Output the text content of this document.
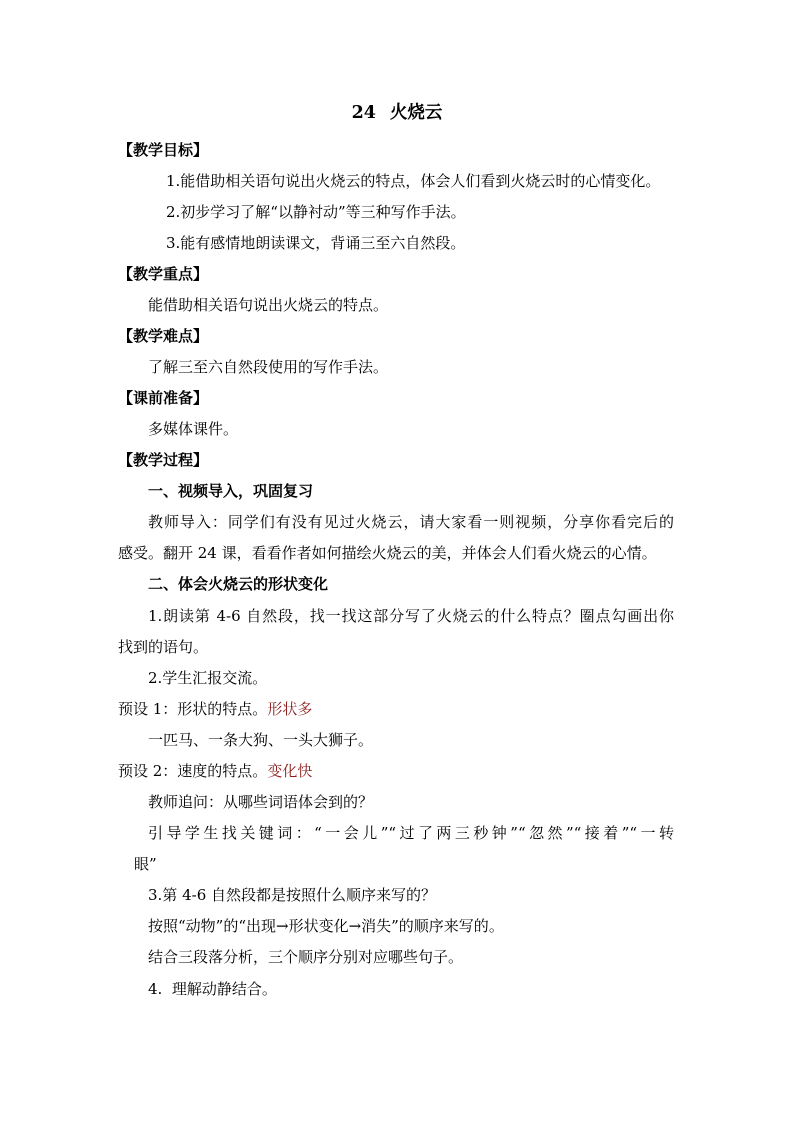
24 火烧云
【教学目标】
1.能借助相关语句说出火烧云的特点，体会人们看到火烧云时的心情变化。
2.初步学习了解“以静衬动”等三种写作手法。
3.能有感情地朗读课文，背诵三至六自然段。
【教学重点】
能借助相关语句说出火烧云的特点。
【教学难点】
了解三至六自然段使用的写作手法。
【课前准备】
多媒体课件。
【教学过程】
一、视频导入，巩固复习
教师导入：同学们有没有见过火烧云，请大家看一则视频，分享你看完后的
感受。翻开 24 课，看看作者如何描绘火烧云的美，并体会人们看火烧云的心情。
二、体会火烧云的形状变化
1.朗读第 4-6 自然段，找一找这部分写了火烧云的什么特点？圈点勾画出你
找到的语句。
2.学生汇报交流。
预设 1：形状的特点。形状多
一匹马、一条大狗、一头大狮子。
预设 2：速度的特点。变化快
教师追问：从哪些词语体会到的？
引导学生找关键词：“一会儿”“过了两三秒钟”“忽然”“接着”“一转
眼”
3.第 4-6 自然段都是按照什么顺序来写的？
按照“动物”的“出现→形状变化→消失”的顺序来写的。
结合三段落分析，三个顺序分别对应哪些句子。
4.  理解动静结合。
